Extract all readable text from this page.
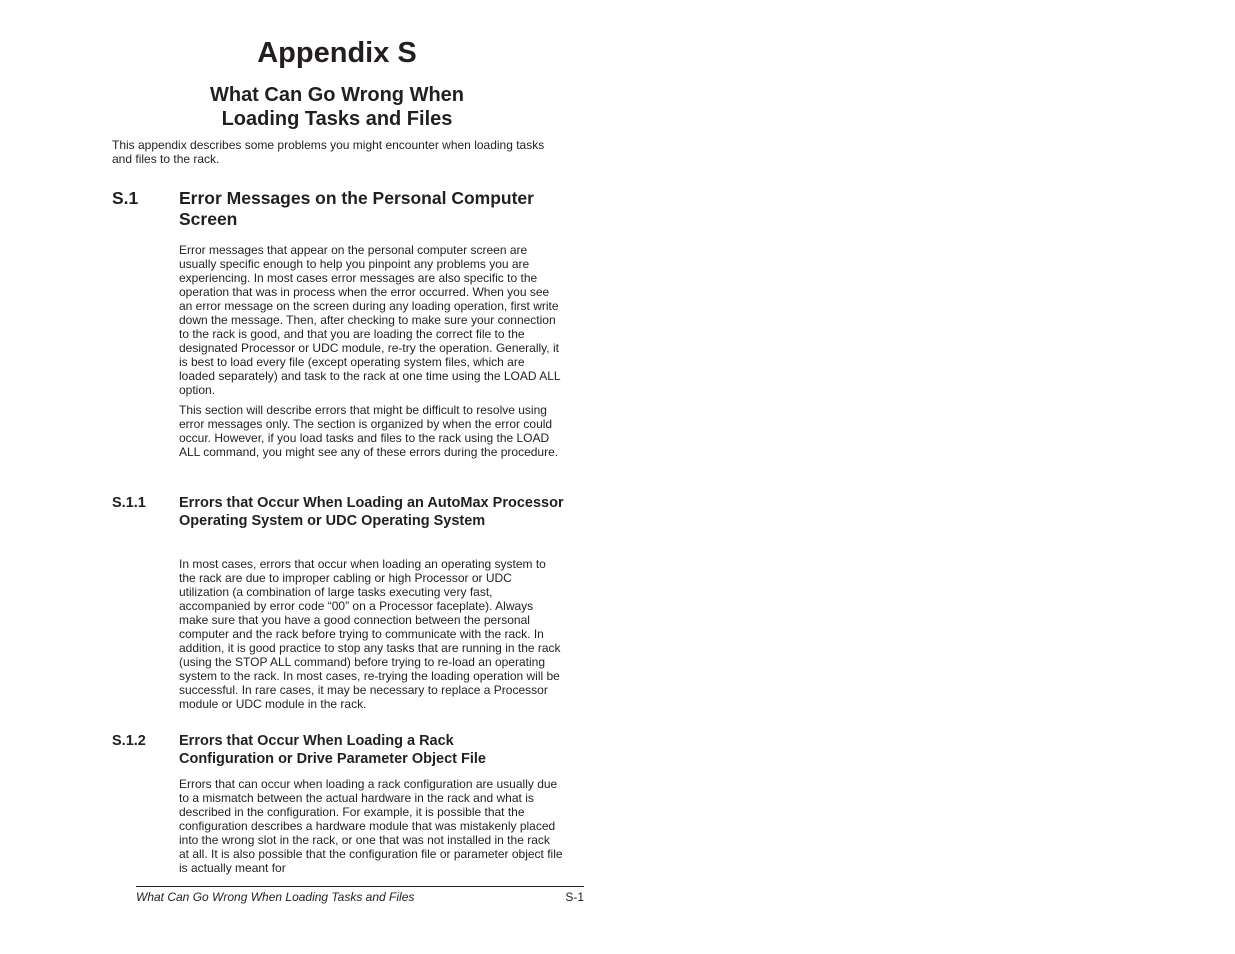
Appendix S
What Can Go Wrong When
Loading Tasks and Files

This appendix describes some problems you might encounter when loading tasks and files to the rack.

S.1 Error Messages on the Personal Computer Screen

Error messages that appear on the personal computer screen are usually specific enough to help you pinpoint any problems you are experiencing. In most cases error messages are also specific to the operation that was in process when the error occurred. When you see an error message on the screen during any loading operation, first write down the message. Then, after checking to make sure your connection to the rack is good, and that you are loading the correct file to the designated Processor or UDC module, re-try the operation. Generally, it is best to load every file (except operating system files, which are loaded separately) and task to the rack at one time using the LOAD ALL option.

This section will describe errors that might be difficult to resolve using error messages only. The section is organized by when the error could occur. However, if you load tasks and files to the rack using the LOAD ALL command, you might see any of these errors during the procedure.

S.1.1 Errors that Occur When Loading an AutoMax Processor Operating System or UDC Operating System

In most cases, errors that occur when loading an operating system to the rack are due to improper cabling or high Processor or UDC utilization (a combination of large tasks executing very fast, accompanied by error code “00” on a Processor faceplate). Always make sure that you have a good connection between the personal computer and the rack before trying to communicate with the rack. In addition, it is good practice to stop any tasks that are running in the rack (using the STOP ALL command) before trying to re-load an operating system to the rack. In most cases, re-trying the loading operation will be successful. In rare cases, it may be necessary to replace a Processor module or UDC module in the rack.

S.1.2 Errors that Occur When Loading a Rack Configuration or Drive Parameter Object File

Errors that can occur when loading a rack configuration are usually due to a mismatch between the actual hardware in the rack and what is described in the configuration. For example, it is possible that the configuration describes a hardware module that was mistakenly placed into the wrong slot in the rack, or one that was not installed in the rack at all. It is also possible that the configuration file or parameter object file is actually meant for

What Can Go Wrong When Loading Tasks and Files	S-1
